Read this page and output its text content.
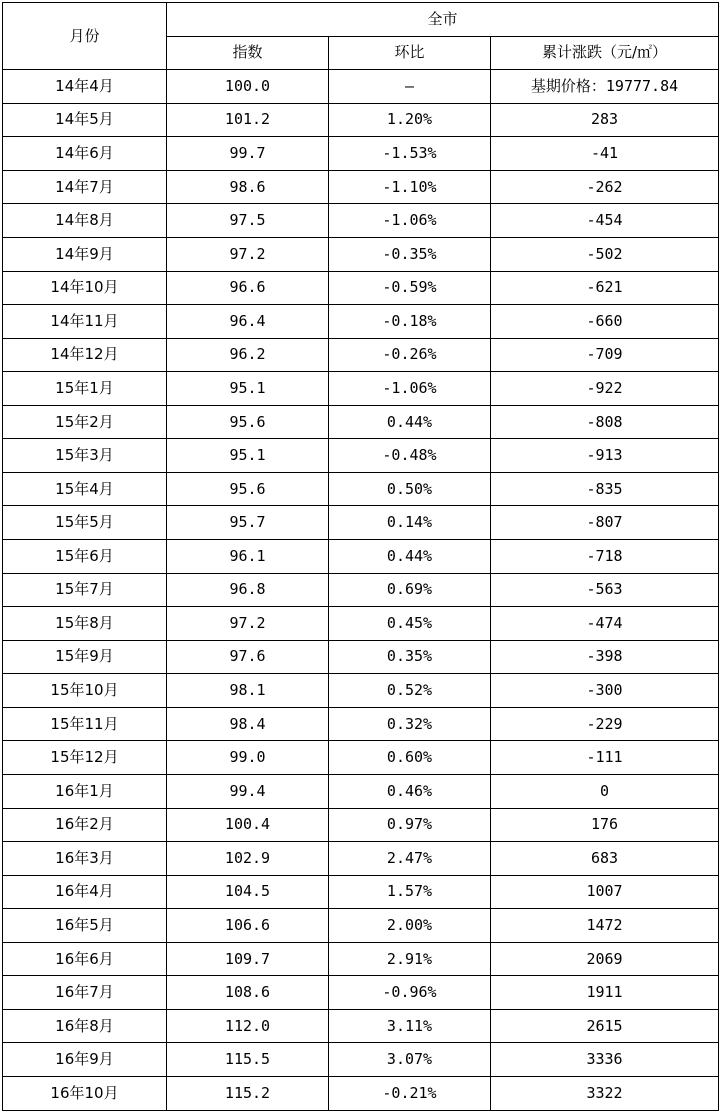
月份	全市		
	指数	环比	累计涨跌（元/㎡）
14年4月	100.0	—	基期价格：19777.84
14年5月	101.2	1.20%	283
14年6月	99.7	-1.53%	-41
14年7月	98.6	-1.10%	-262
14年8月	97.5	-1.06%	-454
14年9月	97.2	-0.35%	-502
14年10月	96.6	-0.59%	-621
14年11月	96.4	-0.18%	-660
14年12月	96.2	-0.26%	-709
15年1月	95.1	-1.06%	-922
15年2月	95.6	0.44%	-808
15年3月	95.1	-0.48%	-913
15年4月	95.6	0.50%	-835
15年5月	95.7	0.14%	-807
15年6月	96.1	0.44%	-718
15年7月	96.8	0.69%	-563
15年8月	97.2	0.45%	-474
15年9月	97.6	0.35%	-398
15年10月	98.1	0.52%	-300
15年11月	98.4	0.32%	-229
15年12月	99.0	0.60%	-111
16年1月	99.4	0.46%	0
16年2月	100.4	0.97%	176
16年3月	102.9	2.47%	683
16年4月	104.5	1.57%	1007
16年5月	106.6	2.00%	1472
16年6月	109.7	2.91%	2069
16年7月	108.6	-0.96%	1911
16年8月	112.0	3.11%	2615
16年9月	115.5	3.07%	3336
16年10月	115.2	-0.21%	3322
